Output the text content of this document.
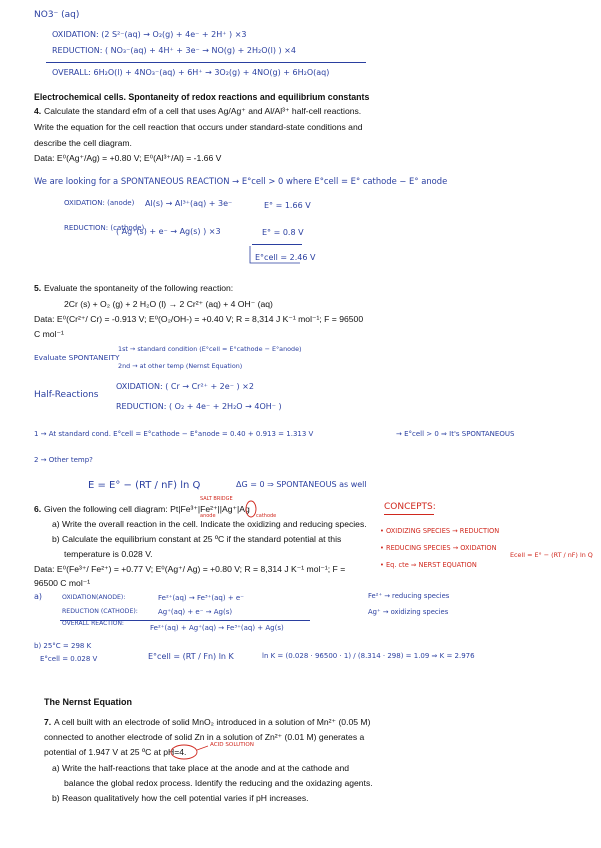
NO3⁻ (aq)
OXIDATION: (2 S²⁻(aq) → O₂(g) + 4e⁻ + 2H⁺ ) ×3
REDUCTION: ( NO₃⁻(aq) + 4H⁺ + 3e⁻ → NO(g) + 2H₂O(l) ) ×4
OVERALL: 6H₂O(l) + 4NO₃⁻(aq) + 6H⁺ → 3O₂(g) + 4NO(g) + 6H₂O(aq)
Electrochemical cells. Spontaneity of redox reactions and equilibrium constants
4. Calculate the standard efm of a cell that uses Ag/Ag⁺ and Al/Al³⁺ half-cell reactions.
Write the equation for the cell reaction that occurs under standard-state conditions and
describe the cell diagram.
Data: E⁰(Ag⁺/Ag) = +0.80 V; E⁰(Al³⁺/Al) = -1.66 V
We are looking for a SPONTANEOUS REACTION → E°cell > 0 where E°cell = E° cathode − E° anode
OXIDATION: (anode) Al(s) → Al³⁺(aq) + 3e⁻	E° = 1.66 V
REDUCTION: (cathode)
( Ag⁺(s) + e⁻ → Ag(s) ) ×3	E° = 0.8 V
E°cell = 2.46 V
5. Evaluate the spontaneity of the following reaction:
2Cr (s) + O₂ (g) + 2 H₂O (l) → 2 Cr²⁺ (aq) + 4 OH⁻ (aq)
Data: E⁰(Cr²⁺/ Cr) = -0.913 V; E⁰(O₂/OH-) = +0.40 V; R = 8,314 J K⁻¹ mol⁻¹; F = 96500
C mol⁻¹
Evaluate SPONTANEITY
1st → standard condition (E°cell = E°cathode − E°anode)
2nd → at other temp (Nernst Equation)
Half-Reactions
OXIDATION: ( Cr → Cr²⁺ + 2e⁻ ) ×2
REDUCTION: ( O₂ + 4e⁻ + 2H₂O → 4OH⁻ )
1 → At standard cond. E°cell = E°cathode − E°anode = 0.40 + 0.913 = 1.313 V	→ E°cell > 0 ⇒ It's SPONTANEOUS
2 → Other temp?
E = E° − (RT / nF) ln Q	ΔG = 0 ⇒ SPONTANEOUS as well
SALT BRIDGE
6. Given the following cell diagram: Pt|Fe³⁺|Fe²⁺||Ag⁺|Ag
anode	cathode
a) Write the overall reaction in the cell. Indicate the oxidizing and reducing species.
b) Calculate the equilibrium constant at 25 ºC if the standard potential at this
temperature is 0.028 V.
Data: E⁰(Fe³⁺/ Fe²⁺) = +0.77 V; E⁰(Ag⁺/ Ag) = +0.80 V; R = 8,314 J K⁻¹ mol⁻¹; F =
96500 C mol⁻¹
CONCEPTS:
• OXIDIZING SPECIES → REDUCTION
• REDUCING SPECIES → OXIDATION
• Eq. cte ⇒ NERST EQUATION
Ecell = E° − (RT / nF) ln Q
a)	OXIDATION(ANODE):	Fe²⁺(aq) → Fe³⁺(aq) + e⁻
REDUCTION (CATHODE):	Ag⁺(aq) + e⁻ → Ag(s)
OVERALL REACTION:
Fe²⁺(aq) + Ag⁺(aq) → Fe³⁺(aq) + Ag(s)
Fe²⁺ → reducing species
Ag⁺ → oxidizing species
b) 25°C = 298 K
E°cell = 0.028 V	E°cell = (RT / Fn) ln K	ln K = (0.028 · 96500 · 1) / (8.314 · 298) = 1.09 ⇒ K = 2.976
The Nernst Equation
7. A cell built with an electrode of solid MnO₂ introduced in a solution of Mn²⁺ (0.05 M)
connected to another electrode of solid Zn in a solution of Zn²⁺ (0.01 M) generates a
potential of 1.947 V at 25 ºC at pH=4.
ACID SOLUTION
a) Write the half-reactions that take place at the anode and at the cathode and
balance the global redox process. Identify the reducing and the oxidazing agents.
b) Reason qualitatively how the cell potential varies if pH increases.
